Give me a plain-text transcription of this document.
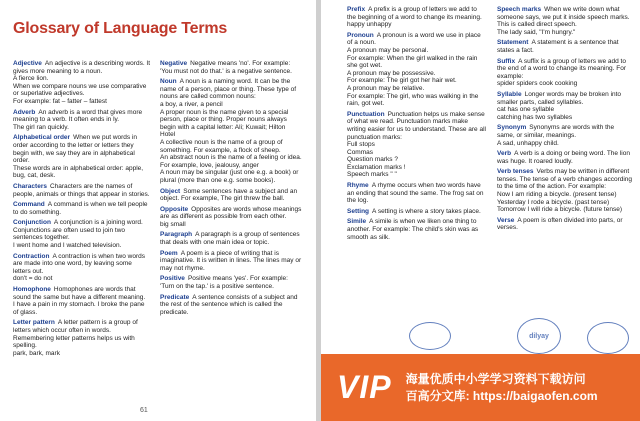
Glossary of Language Terms
Adjective An adjective is a describing words. It gives more meaning to a noun.
A fierce lion.
When we compare nouns we use comparative or superlative adjectives.
For example: fat – fatter – fattest
Adverb An adverb is a word that gives more meaning to a verb. It often ends in ly.
The girl ran quickly.
Alphabetical order When we put words in order according to the letter or letters they begin with, we say they are in alphabetical order.
These words are in alphabetical order: apple, bug, cat, desk.
Characters Characters are the names of people, animals or things that appear in stories.
Command A command is when we tell people to do something.
Conjunction A conjunction is a joining word. Conjunctions are often used to join two sentences together.
I went home and I watched television.
Contraction A contraction is when two words are made into one word, by leaving some letters out.
don't = do not
Homophone Homophones are words that sound the same but have a different meaning.
I have a pain in my stomach. I broke the pane of glass.
Letter pattern A letter pattern is a group of letters which occur often in words. Remembering letter patterns helps us with spelling.
park, bark, mark
Negative Negative means 'no'. For example: 'You must not do that.' is a negative sentence.
Noun A noun is a naming word. It can be the name of a person, place or thing. These type of nouns are called common nouns:
a boy, a river, a pencil
A proper noun is the name given to a special person, place or thing. Proper nouns always begin with a capital letter: Ali; Kuwait; Hilton Hotel
A collective noun is the name of a group of something. For example, a flock of sheep.
An abstract noun is the name of a feeling or idea. For example, love, jealousy, anger
A noun may be singular (just one e.g. a book) or plural (more than one e.g. some books).
Object Some sentences have a subject and an object. For example, The girl threw the ball.
Opposite Opposites are words whose meanings are as different as possible from each other.
big small
Paragraph A paragraph is a group of sentences that deals with one main idea or topic.
Poem A poem is a piece of writing that is imaginative. It is written in lines. The lines may or may not rhyme.
Positive Positive means 'yes'. For example: 'Turn on the tap.' is a positive sentence.
Predicate A sentence consists of a subject and the rest of the sentence which is called the predicate.
61
Prefix A prefix is a group of letters we add to the beginning of a word to change its meaning.
happy unhappy
Pronoun A pronoun is a word we use in place of a noun.
A pronoun may be personal.
For example: When the girl walked in the rain she got wet.
A pronoun may be possessive.
For example: The girl got her hair wet.
A pronoun may be relative.
For example: The girl, who was walking in the rain, got wet.
Punctuation Punctuation helps us make sense of what we read. Punctuation marks make writing easier for us to understand. These are all punctuation marks:
Full stops
Commas
Question marks ?
Exclamation marks !
Speech marks " "
Rhyme A rhyme occurs when two words have an ending that sound the same. The frog sat on the log.
Setting A setting is where a story takes place.
Simile A simile is when we liken one thing to another. For example: The child's skin was as smooth as silk.
Speech marks When we write down what someone says, we put it inside speech marks. This is called direct speech.
The lady said, "I'm hungry."
Statement A statement is a sentence that states a fact.
Suffix A suffix is a group of letters we add to the end of a word to change its meaning. For example:
spider spiders cook cooking
Syllable Longer words may be broken into smaller parts, called syllables.
cat has one syllable
catching has two syllables
Synonym Synonyms are words with the same, or similar, meanings.
A sad, unhappy child.
Verb A verb is a doing or being word. The lion was huge. It roared loudly.
Verb tenses Verbs may be written in different tenses. The tense of a verb changes according to the time of the action. For example:
Now I am riding a bicycle. (present tense)
Yesterday I rode a bicycle. (past tense)
Tomorrow I will ride a bicycle. (future tense)
Verse A poem is often divided into parts, or verses.
dilyay
VIP 海量优质中小学学习资料下载访问
百高分文库: https://baigaofen.com
